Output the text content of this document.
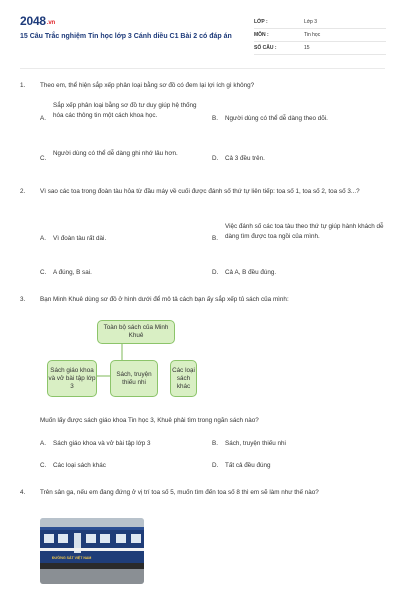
2048.vn
15 Câu Trắc nghiệm Tin học lớp 3 Cánh diều C1 Bài 2 có đáp án
LỚP :	Lớp 3
MÔN :	Tin học
SỐ CÂU :	15
1. Theo em, thể hiện sắp xếp phân loại bằng sơ đồ có đem lại lợi ích gì không?
A.
Sắp xếp phân loại bằng sơ đồ tư duy giúp hệ thống hóa các thông tin một cách khoa học.	B. Người dùng có thể dễ dàng theo dõi.
C.
Người dùng có thể dễ dàng ghi nhớ lâu hơn.
D. Cả 3 đều trên.
2. Vì sao các toa trong đoàn tàu hỏa từ đầu máy về cuối được đánh số thứ tự liên tiếp: toa số 1, toa số 2, toa số 3...?
A. Vì đoàn tàu rất dài.	B.
Việc đánh số các toa tàu theo thứ tự giúp hành khách dễ dàng tìm được toa ngồi của mình.
C. A đúng, B sai.	D. Cả A, B đều đúng.
3. Bạn Minh Khuê dùng sơ đồ ở hình dưới để mô tả cách bạn ấy sắp xếp tủ sách của mình:
Toàn bộ sách của Minh Khuê
Sách giáo khoa và vở bài tập lớp 3
Sách, truyện thiếu nhi
Các loại sách khác
Muốn lấy được sách giáo khoa Tin học 3, Khuê phải tìm trong ngăn sách nào?
A. Sách giáo khoa và vở bài tập lớp 3	B. Sách, truyện thiếu nhi
C. Các loại sách khác	D. Tất cả đều đúng
4. Trên sân ga, nếu em đang đứng ở vị trí toa số 5, muốn tìm đến toa số 8 thì em sẽ làm như thế nào?
ĐƯỜNG SẮT VIỆT NAM
